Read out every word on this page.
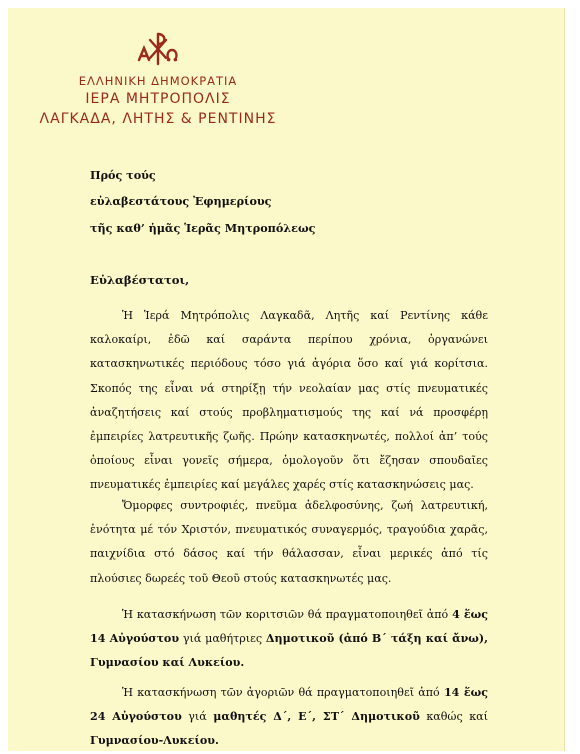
ΕΛΛΗΝΙΚΗ ΔΗΜΟΚΡΑΤΙΑ
ΙΕΡΑ ΜΗΤΡΟΠΟΛΙΣ
ΛΑΓΚΑΔΑ, ΛΗΤΗΣ & ΡΕΝΤΙΝΗΣ
Πρός τούς
εὐλαβεστάτους Ἐφημερίους
τῆς καθ’ ἡμᾶς Ἱερᾶς Μητροπόλεως
Εὐλαβέστατοι,
Ἡ Ἱερά Μητρόπολις Λαγκαδᾶ, Λητῆς καί Ρεντίνης κάθε καλοκαίρι, ἐδῶ καί σαράντα περίπου χρόνια, ὀργανώνει κατασκηνωτικές περιόδους τόσο γιά ἀγόρια ὅσο καί γιά κορίτσια. Σκοπός της εἶναι νά στηρίξῃ τήν νεολαίαν μας στίς πνευματικές ἀναζητήσεις καί στούς προβληματισμούς της καί νά προσφέρῃ ἐμπειρίες λατρευτικῆς ζωῆς. Πρώην κατασκηνωτές, πολλοί ἀπ’ τούς ὁποίους εἶναι γονεῖς σήμερα, ὁμολογοῦν ὅτι ἔζησαν σπουδαῖες πνευματικές ἐμπειρίες καί μεγάλες χαρές στίς κατασκηνώσεις μας.
Ὄμορφες συντροφιές, πνεῦμα ἀδελφοσύνης, ζωή λατρευτική, ἑνότητα μέ τόν Χριστόν, πνευματικός συναγερμός, τραγούδια χαρᾶς, παιχνίδια στό δάσος καί τήν θάλασσαν, εἶναι μερικές ἀπό τίς πλούσιες δωρεές τοῦ Θεοῦ στούς κατασκηνωτές μας.
Ἡ κατασκήνωση τῶν κοριτσιῶν θά πραγματοποιηθεῖ ἀπό 4 ἕως 14 Αὐγούστου γιά μαθήτριες Δημοτικοῦ (ἀπό Β΄ τάξη καί ἄνω), Γυμνασίου καί Λυκείου.
Ἡ κατασκήνωση τῶν ἀγοριῶν θά πραγματοποιηθεῖ ἀπό 14 ἕως 24 Αὐγούστου γιά μαθητές Δ΄, Ε΄, ΣΤ΄ Δημοτικοῦ καθώς καί Γυμνασίου-Λυκείου.
